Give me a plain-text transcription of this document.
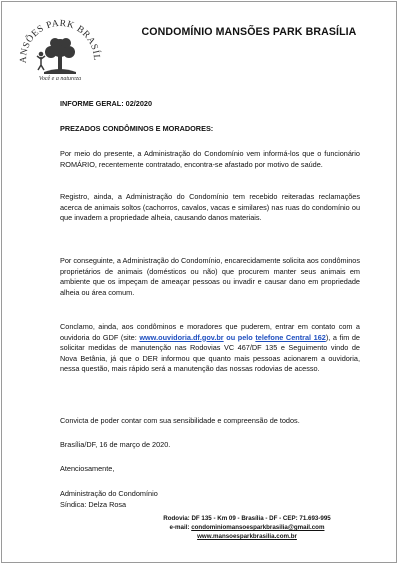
ANSÕES PARK BRASÍL
Você e a natureza
CONDOMÍNIO MANSÕES PARK BRASÍLIA
INFORME GERAL: 02/2020
PREZADOS CONDÔMINOS E MORADORES:
Por meio do presente, a Administração do Condomínio vem informá-los que o funcionário ROMÁRIO, recentemente contratado, encontra-se afastado por motivo de saúde.
Registro, ainda, a Administração do Condomínio tem recebido reiteradas reclamações acerca de animais soltos (cachorros, cavalos, vacas e similares) nas ruas do condomínio ou que invadem a propriedade alheia, causando danos materiais.
Por conseguinte, a Administração do Condomínio, encarecidamente solicita aos condôminos proprietários de animais (domésticos ou não) que procurem manter seus animais em ambiente que os impeçam de ameaçar pessoas ou invadir e causar dano em propriedade alheia ou área comum.
Conclamo, ainda, aos condôminos e moradores que puderem, entrar em contato com a ouvidoria do GDF (site: www.ouvidoria.df.gov.br ou pelo telefone Central 162), a fim de solicitar medidas de manutenção nas Rodovias VC 467/DF 135 e Seguimento vindo de Nova Betânia, já que o DER informou que quanto mais pessoas acionarem a ouvidoria, nessa questão, mais rápido será a manutenção das nossas rodovias de acesso.
Convicta de poder contar com sua sensibilidade e compreensão de todos.
Brasília/DF, 16 de março de 2020.
Atenciosamente,
Administração do Condomínio
Síndica: Delza Rosa
Rodovia: DF 135 - Km 09 - Brasília - DF - CEP: 71.693-995
e-mail: condominiomansoesparkbrasilia@gmail.com
www.mansoesparkbrasilia.com.br
